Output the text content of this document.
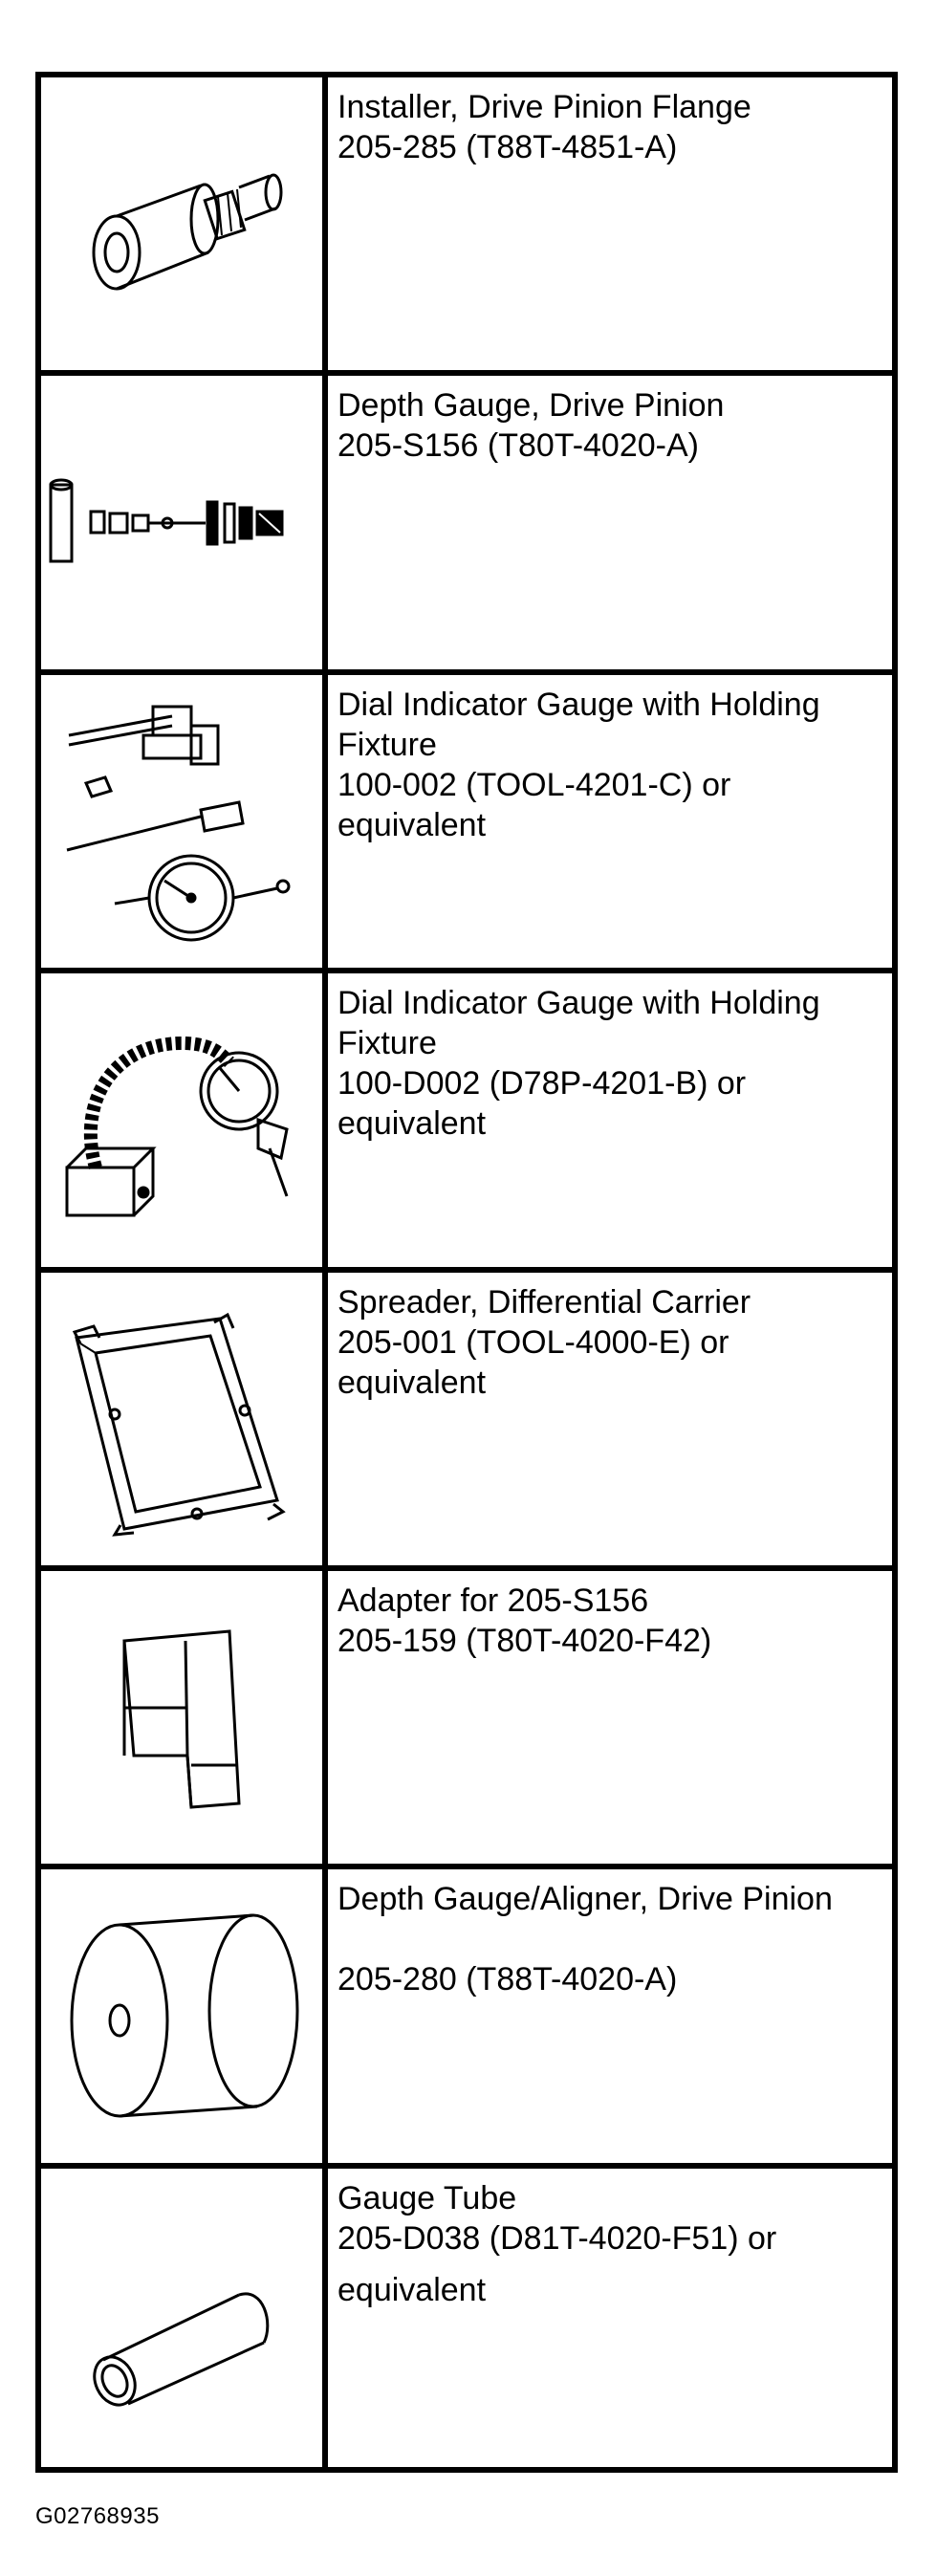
Installer, Drive Pinion Flange
205-285 (T88T-4851-A)
Depth Gauge, Drive Pinion
205-S156 (T80T-4020-A)
Dial Indicator Gauge with Holding
Fixture
100-002 (TOOL-4201-C) or
equivalent
Dial Indicator Gauge with Holding
Fixture
100-D002 (D78P-4201-B) or
equivalent
Spreader, Differential Carrier
205-001 (TOOL-4000-E) or
equivalent
Adapter for 205-S156
205-159 (T80T-4020-F42)
Depth Gauge/Aligner, Drive Pinion
205-280 (T88T-4020-A)
Gauge Tube
205-D038 (D81T-4020-F51) or
equivalent
G02768935
